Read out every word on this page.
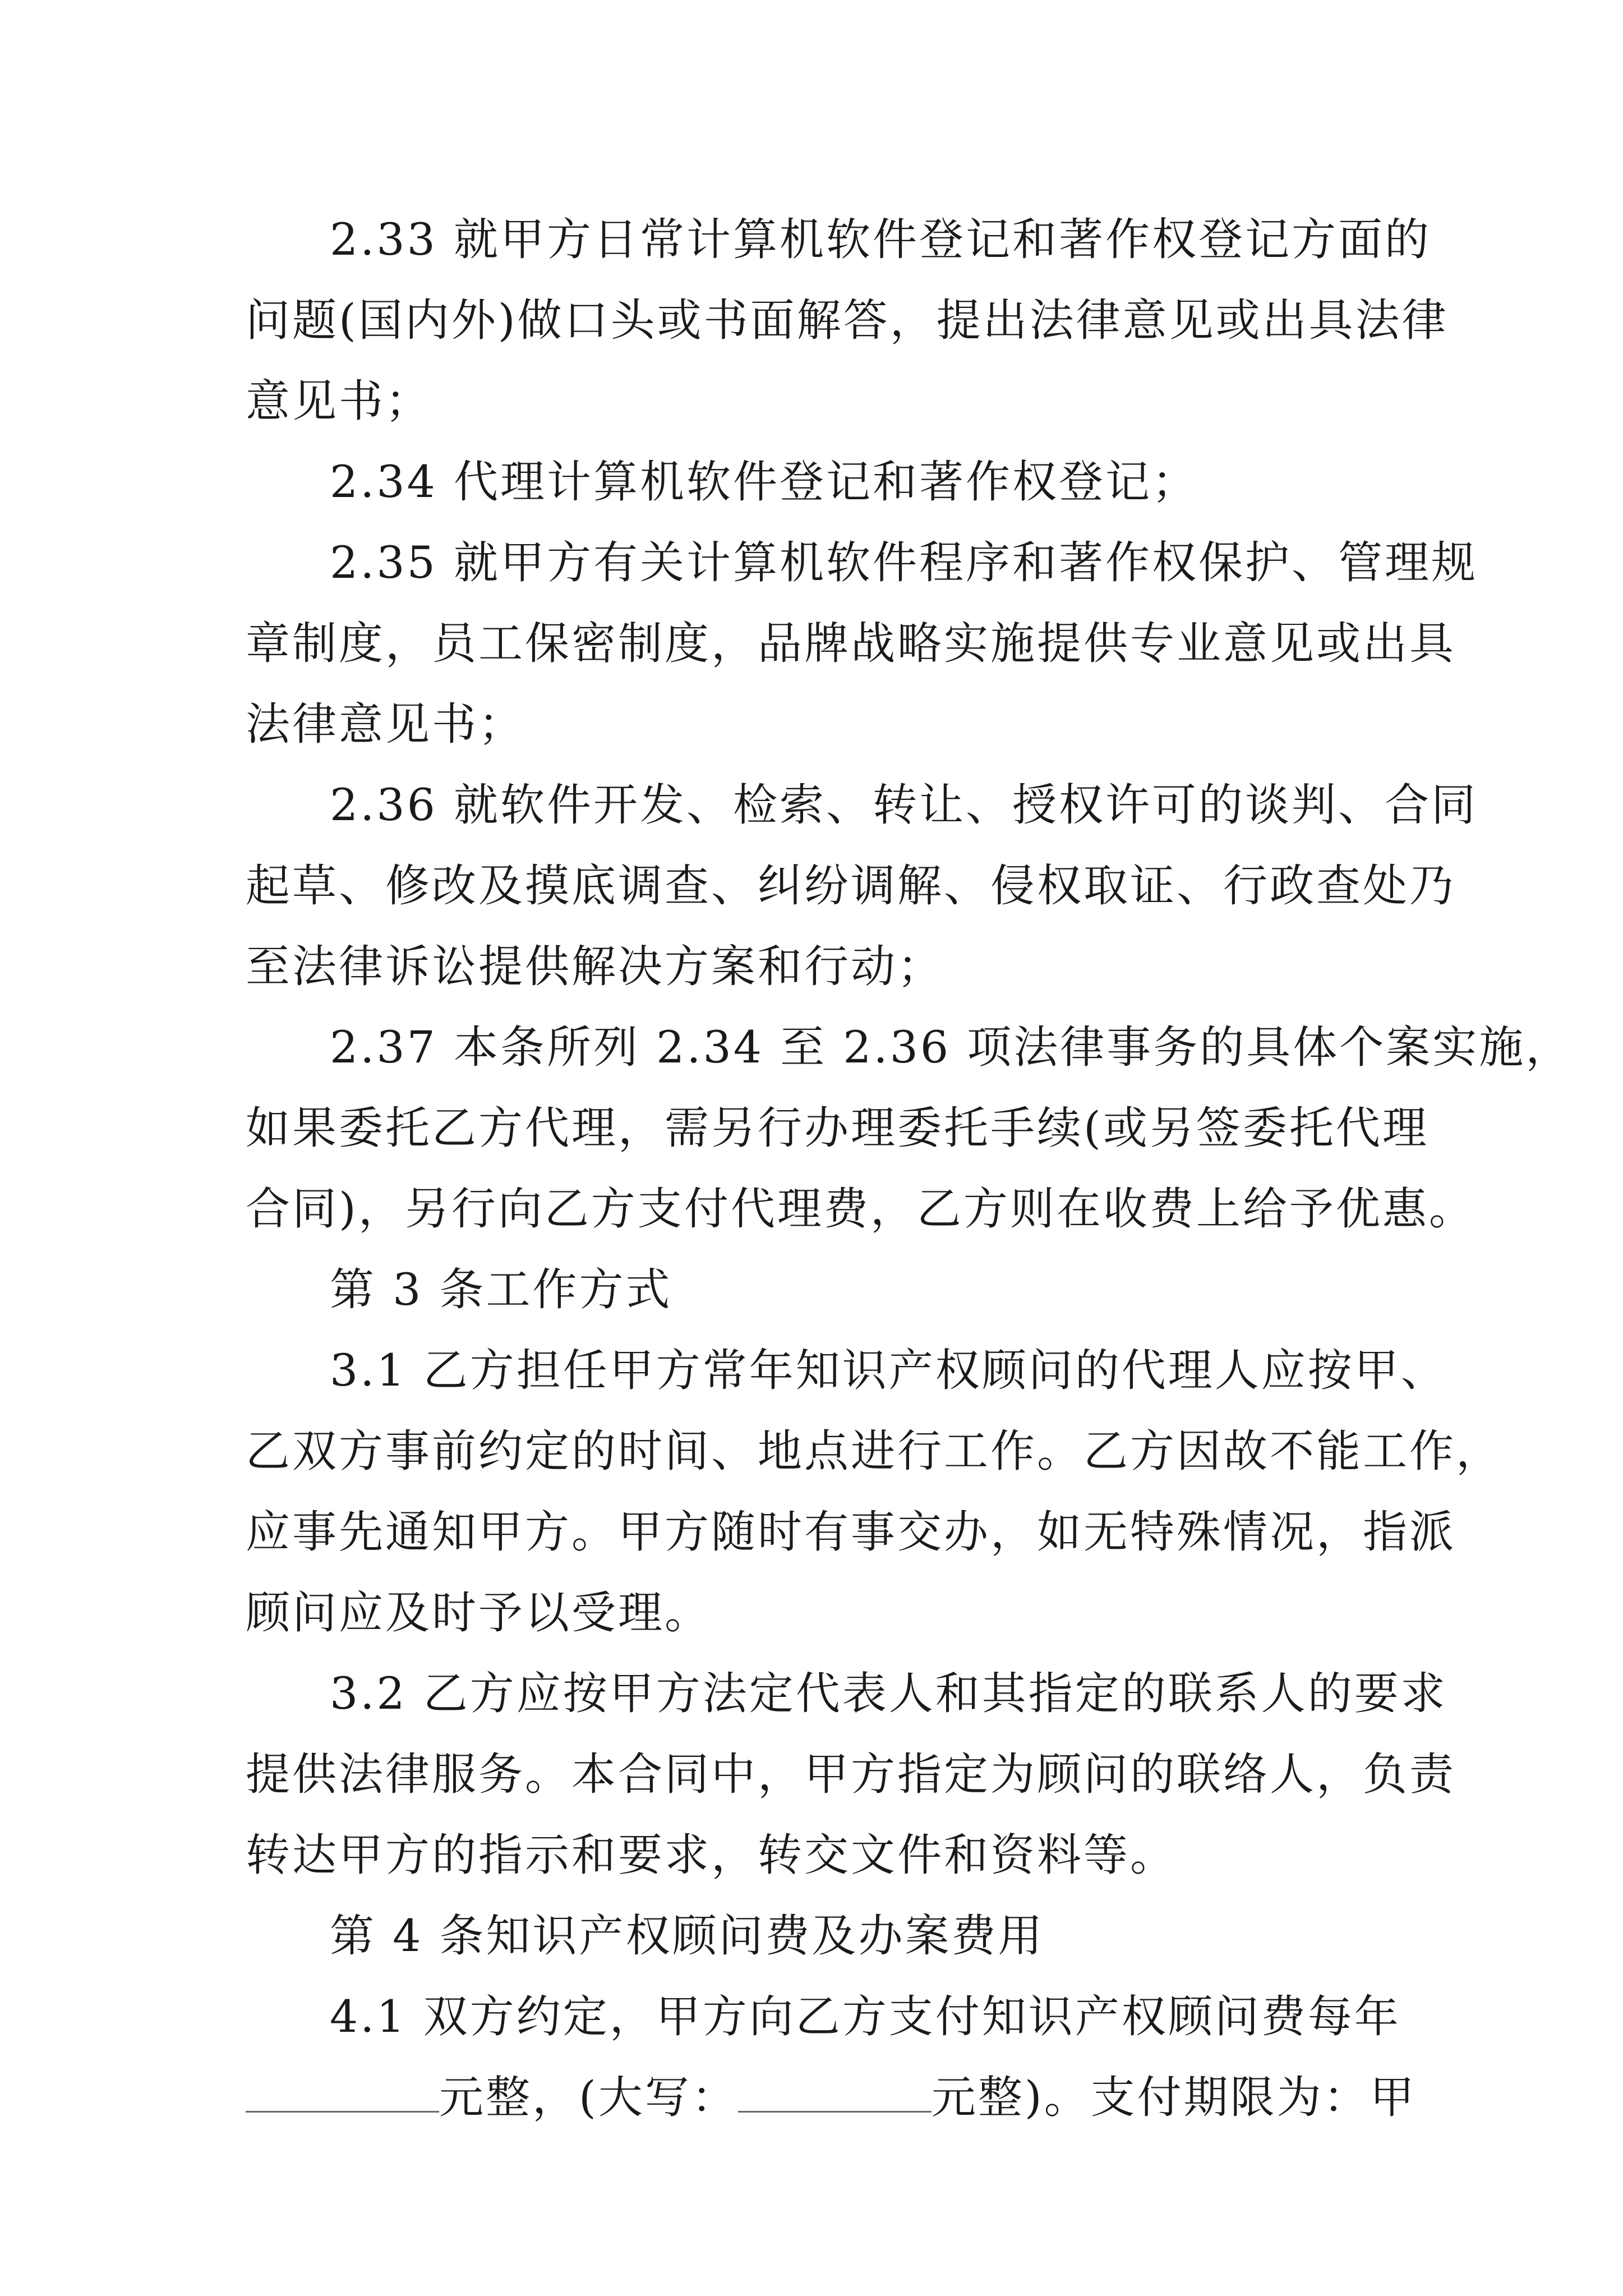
2.33 就甲方日常计算机软件登记和著作权登记方面的
问题(国内外)做口头或书面解答，提出法律意见或出具法律
意见书；
2.34 代理计算机软件登记和著作权登记；
2.35 就甲方有关计算机软件程序和著作权保护、管理规
章制度，员工保密制度，品牌战略实施提供专业意见或出具
法律意见书；
2.36 就软件开发、检索、转让、授权许可的谈判、合同
起草、修改及摸底调查、纠纷调解、侵权取证、行政查处乃
至法律诉讼提供解决方案和行动；
2.37 本条所列 2.34 至 2.36 项法律事务的具体个案实施，
如果委托乙方代理，需另行办理委托手续(或另签委托代理
合同)，另行向乙方支付代理费，乙方则在收费上给予优惠。
第 3 条工作方式
3.1 乙方担任甲方常年知识产权顾问的代理人应按甲、
乙双方事前约定的时间、地点进行工作。乙方因故不能工作，
应事先通知甲方。甲方随时有事交办，如无特殊情况，指派
顾问应及时予以受理。
3.2 乙方应按甲方法定代表人和其指定的联系人的要求
提供法律服务。本合同中，甲方指定为顾问的联络人，负责
转达甲方的指示和要求，转交文件和资料等。
第 4 条知识产权顾问费及办案费用
4.1 双方约定，甲方向乙方支付知识产权顾问费每年
元整，(大写：	元整)。支付期限为：甲
